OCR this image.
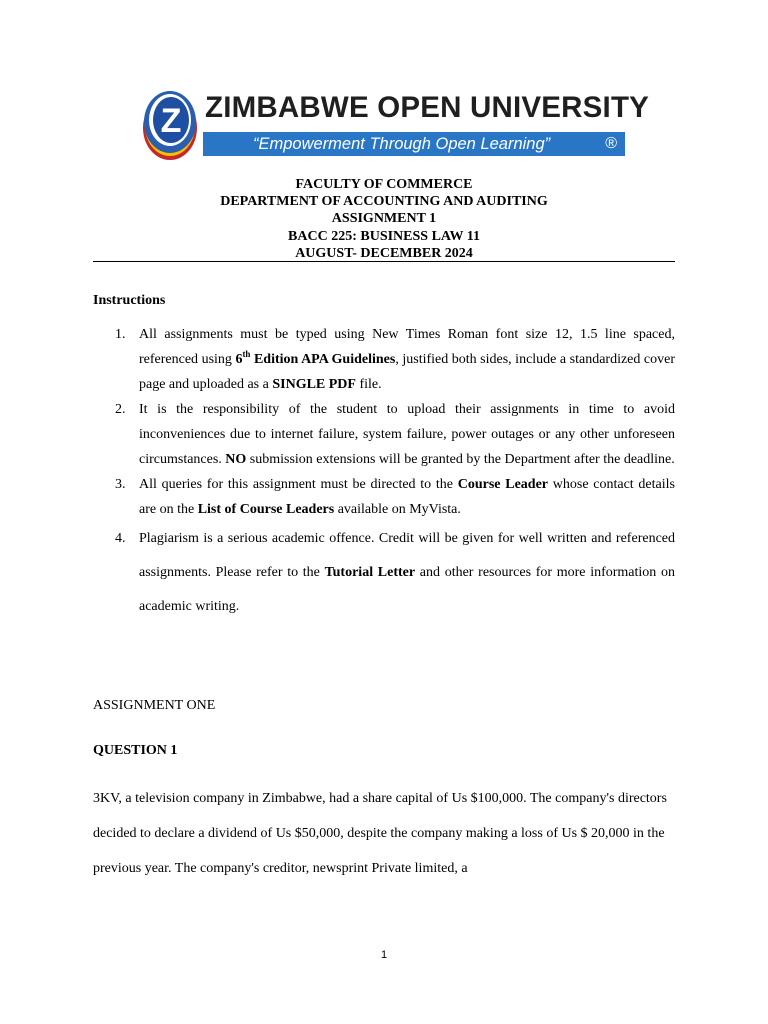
Z ZIMBABWE OPEN UNIVERSITY
“Empowerment Through Open Learning”	®
FACULTY OF COMMERCE
DEPARTMENT OF ACCOUNTING AND AUDITING
ASSIGNMENT 1
BACC 225: BUSINESS LAW 11
AUGUST- DECEMBER 2024
Instructions
1. All assignments must be typed using New Times Roman font size 12, 1.5 line spaced, referenced using 6th Edition APA Guidelines, justified both sides, include a standardized cover page and uploaded as a SINGLE PDF file.
2. It is the responsibility of the student to upload their assignments in time to avoid inconveniences due to internet failure, system failure, power outages or any other unforeseen circumstances. NO submission extensions will be granted by the Department after the deadline.
3. All queries for this assignment must be directed to the Course Leader whose contact details are on the List of Course Leaders available on MyVista.
4. Plagiarism is a serious academic offence. Credit will be given for well written and referenced assignments. Please refer to the Tutorial Letter and other resources for more information on academic writing.
ASSIGNMENT ONE
QUESTION 1
3KV, a television company in Zimbabwe, had a share capital of Us $100,000. The company's directors decided to declare a dividend of Us $50,000, despite the company making a loss of Us $ 20,000 in the previous year. The company's creditor, newsprint Private limited, a
1
